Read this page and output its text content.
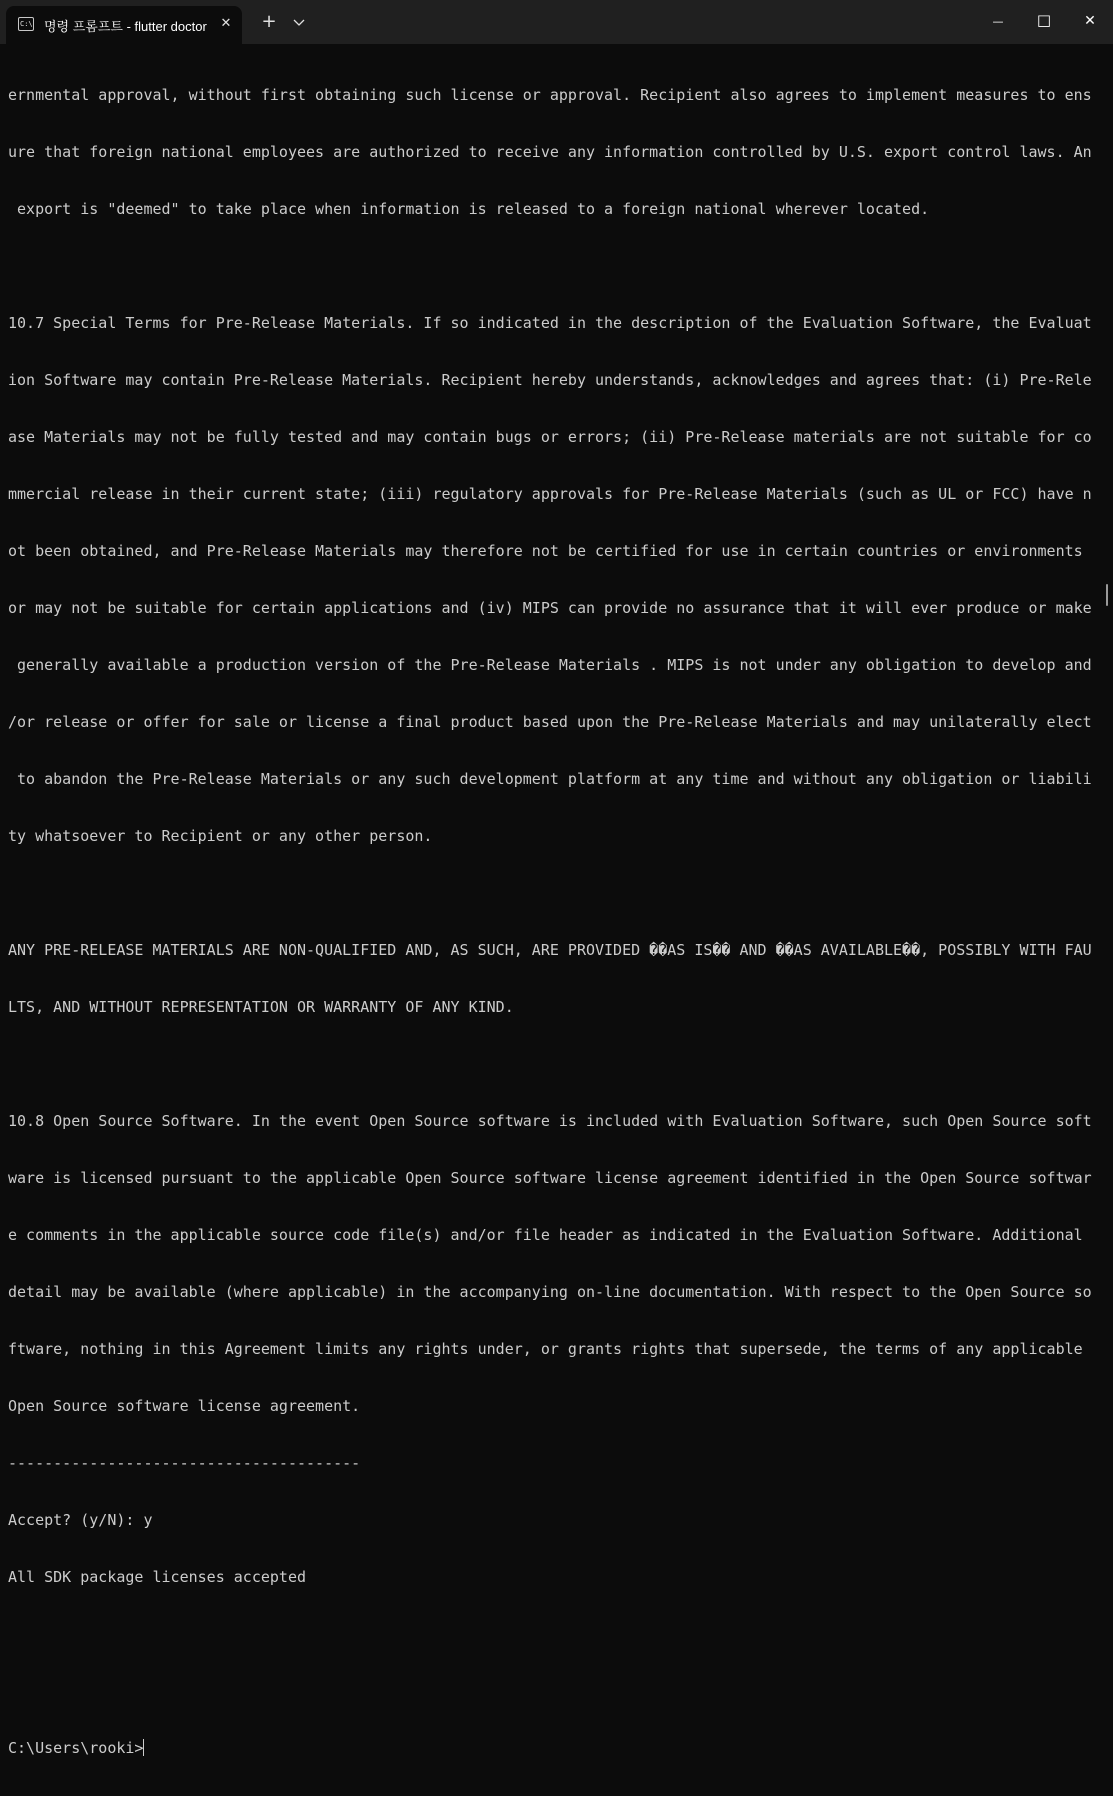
C:\ 명령 프롬프트 - flutter doctor	✕ +	—	□	✕

ernmental approval, without first obtaining such license or approval. Recipient also agrees to implement measures to ens

ure that foreign national employees are authorized to receive any information controlled by U.S. export control laws. An

export is "deemed" to take place when information is released to a foreign national wherever located.

10.7 Special Terms for Pre-Release Materials. If so indicated in the description of the Evaluation Software, the Evaluat

ion Software may contain Pre-Release Materials. Recipient hereby understands, acknowledges and agrees that: (i) Pre-Rele

ase Materials may not be fully tested and may contain bugs or errors; (ii) Pre-Release materials are not suitable for co

mmercial release in their current state; (iii) regulatory approvals for Pre-Release Materials (such as UL or FCC) have n

ot been obtained, and Pre-Release Materials may therefore not be certified for use in certain countries or environments

or may not be suitable for certain applications and (iv) MIPS can provide no assurance that it will ever produce or make

generally available a production version of the Pre-Release Materials . MIPS is not under any obligation to develop and

/or release or offer for sale or license a final product based upon the Pre-Release Materials and may unilaterally elect

to abandon the Pre-Release Materials or any such development platform at any time and without any obligation or liabili

ty whatsoever to Recipient or any other person.

ANY PRE-RELEASE MATERIALS ARE NON-QUALIFIED AND, AS SUCH, ARE PROVIDED ��AS IS�� AND ��AS AVAILABLE��, POSSIBLY WITH FAU

LTS, AND WITHOUT REPRESENTATION OR WARRANTY OF ANY KIND.

10.8 Open Source Software. In the event Open Source software is included with Evaluation Software, such Open Source soft

ware is licensed pursuant to the applicable Open Source software license agreement identified in the Open Source softwar

e comments in the applicable source code file(s) and/or file header as indicated in the Evaluation Software. Additional

detail may be available (where applicable) in the accompanying on-line documentation. With respect to the Open Source so

ftware, nothing in this Agreement limits any rights under, or grants rights that supersede, the terms of any applicable

Open Source software license agreement.

---------------------------------------

Accept? (y/N): y

All SDK package licenses accepted

C:\Users\rooki>
